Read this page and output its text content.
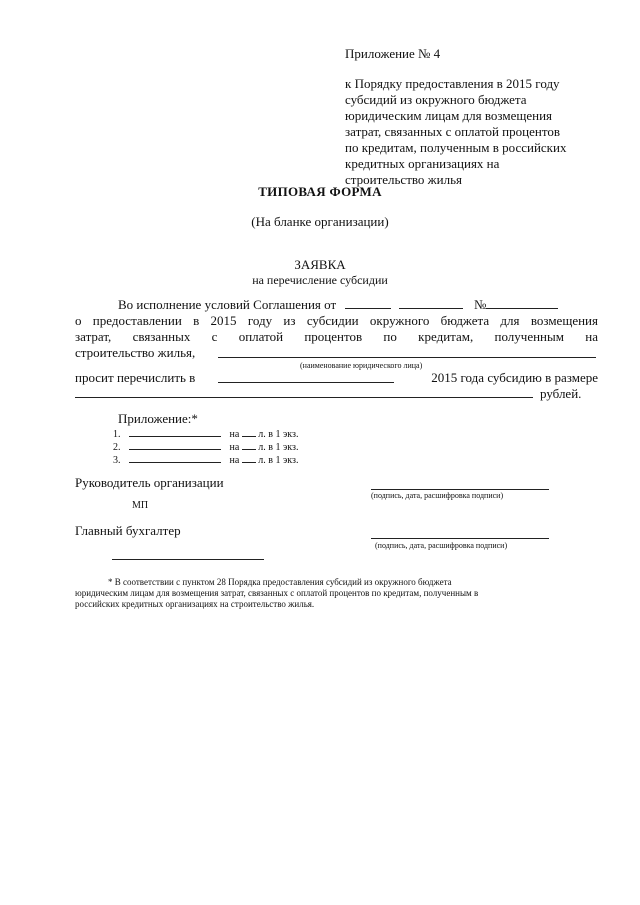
Приложение № 4
к Порядку предоставления в 2015 году
субсидий из окружного бюджета
юридическим лицам для возмещения
затрат, связанных с оплатой процентов
по кредитам, полученным в российских
кредитных организациях на
строительство жилья
ТИПОВАЯ ФОРМА
(На бланке организации)
ЗАЯВКА
на перечисление субсидии
Во исполнение условий Соглашения от	№
о предоставлении в 2015 году из субсидии окружного бюджета для возмещения
затрат, связанных с оплатой процентов по кредитам, полученным на
строительство жилья,
(наименование юридического лица)
просит перечислить в	2015 года субсидию в размере
рублей.
Приложение:*
1.	на л. в 1 экз.
2.	на л. в 1 экз.
3.	на л. в 1 экз.
Руководитель организации
(подпись, дата, расшифровка подписи)
МП
Главный бухгалтер
(подпись, дата, расшифровка подписи)
* В соответствии с пунктом 28 Порядка предоставления субсидий из окружного бюджета
юридическим лицам для возмещения затрат, связанных с оплатой процентов по кредитам, полученным в
российских кредитных организациях на строительство жилья.
